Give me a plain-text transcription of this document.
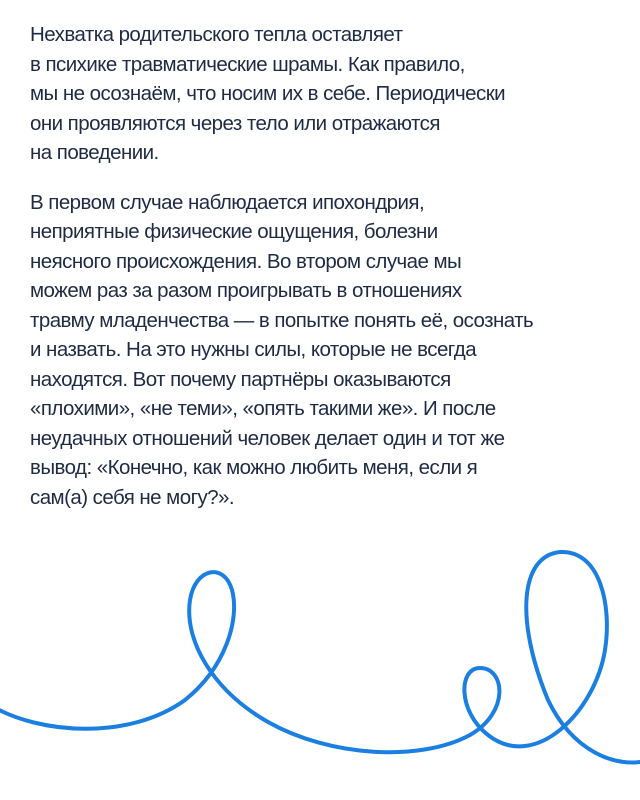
Нехватка родительского тепла оставляет
в психике травматические шрамы. Как правило,
мы не осознаём, что носим их в себе. Периодически
они проявляются через тело или отражаются
на поведении.

В первом случае наблюдается ипохондрия,
неприятные физические ощущения, болезни
неясного происхождения. Во втором случае мы
можем раз за разом проигрывать в отношениях
травму младенчества — в попытке понять её, осознать
и назвать. На это нужны силы, которые не всегда
находятся. Вот почему партнёры оказываются
«плохими», «не теми», «опять такими же». И после
неудачных отношений человек делает один и тот же
вывод: «Конечно, как можно любить меня, если я
сам(а) себя не могу?».
